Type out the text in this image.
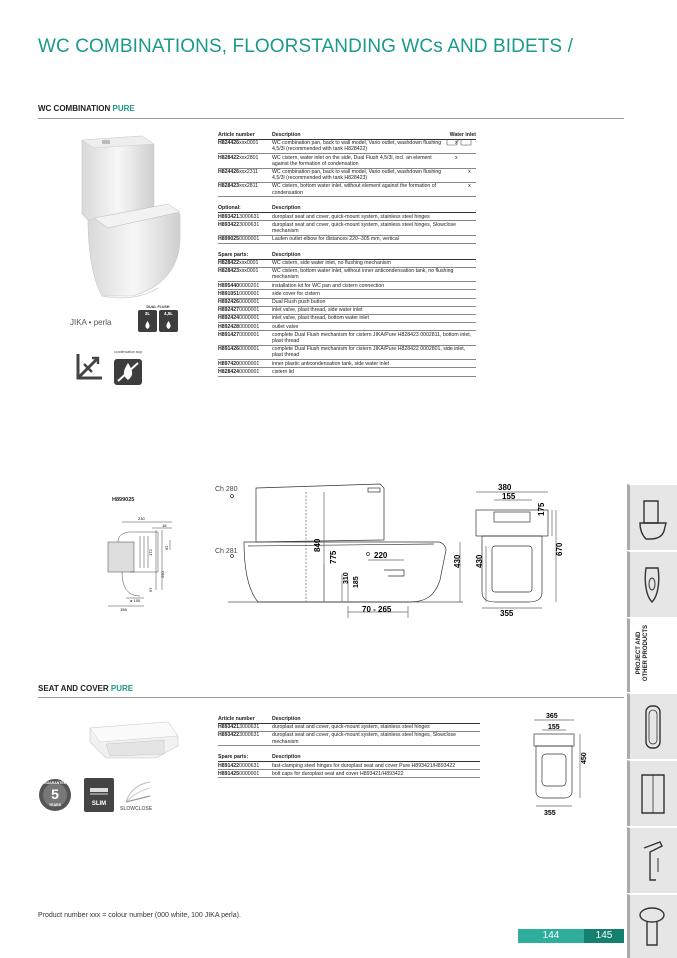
WC COMBINATIONS, FLOORSTANDING WCs AND BIDETS /
WC COMBINATION PURE
DUAL FLUSH
3L	4,5L
JIKA • perla
condensation stop
Article number	Description	Water inlet	
H824426xxx0001	WC combination pan, back to wall model, Vario outlet, washdown flushing 4,5/3l (recommended with tank H828422)	x	
H828422xxx2801	WC cistern, water inlet on the side, Dual Flush 4,5/3l, incl. an element against the formation of condensation	x	
H824426xxx2311	WC combination pan, back to wall model, Vario outlet, washdown flushing 4,5/3l (recommended with tank H828423)		x
H828423xxx2811	WC cistern, bottom water inlet, without element against the formation of condensation		x
Optional:	Description		
H8934213000631	duroplast seat and cover, quick-mount system, stainless steel hinges		
H8934223000631	duroplast seat and cover, quick-mount system, stainless steel hinges, Slowclose mechanism		
H8990250000001	Laufen outlet elbow for distances 220–305 mm, vertical		
Spare parts:	Description		
H828422xxx0001	WC cistern, side water inlet, no flushing mechanism		
H828423xxx0001	WC cistern, bottom water inlet, without inner anticondensation tank, no flushing mechanism		
H8954400000201	installation kit for WC pan and cistern connection		
H8910510000001	side cover for cistern		
H8924260000001	Dual Flush push button		
H8924270000001	inlet valve, plast thread, side water inlet		
H8924240000001	inlet valve, plast thread, bottom water inlet		
H8924280000001	outlet valve		
H8914270000001	complete Dual Flush mechanism for cistern JIKA/Pure H828423 0002811, bottom inlet, plast thread		
H8914260000001	complete Dual Flush mechanism for cistern JIKA/Pure H828422 0002801, side inlet, plast thread		
H8974200000001	inner plastic anticondensation tank, side water inlet		
H8284240000001	cistern lid		
H899025
230
16
172
62
250
97
ø 100
158
Ch 280
Ch 281	840
775
310 185
220	430
70 - 265
380
155
175
670
430
355
SEAT AND COVER PURE
GUARANTEE
5
YEARS	SLIM
SLOWCLOSE
Article number	Description
H8934213000631	duroplast seat and cover, quick-mount system, stainless steel hinges
H8934223000631	duroplast seat and cover, quick-mount system, stainless steel hinges, Slowclose mechanism
Spare parts:	Description
H8914220000631	fast-clamping steel hinges for duroplast seat and cover Pure H893421/H893422
H8914250000001	bolt caps for duroplast seat and cover H893421/H893422
365
155
450
355
PROJECT AND OTHER PRODUCTS
Product number xxx = colour number (000 white, 100 JIKA perla).
144	145
